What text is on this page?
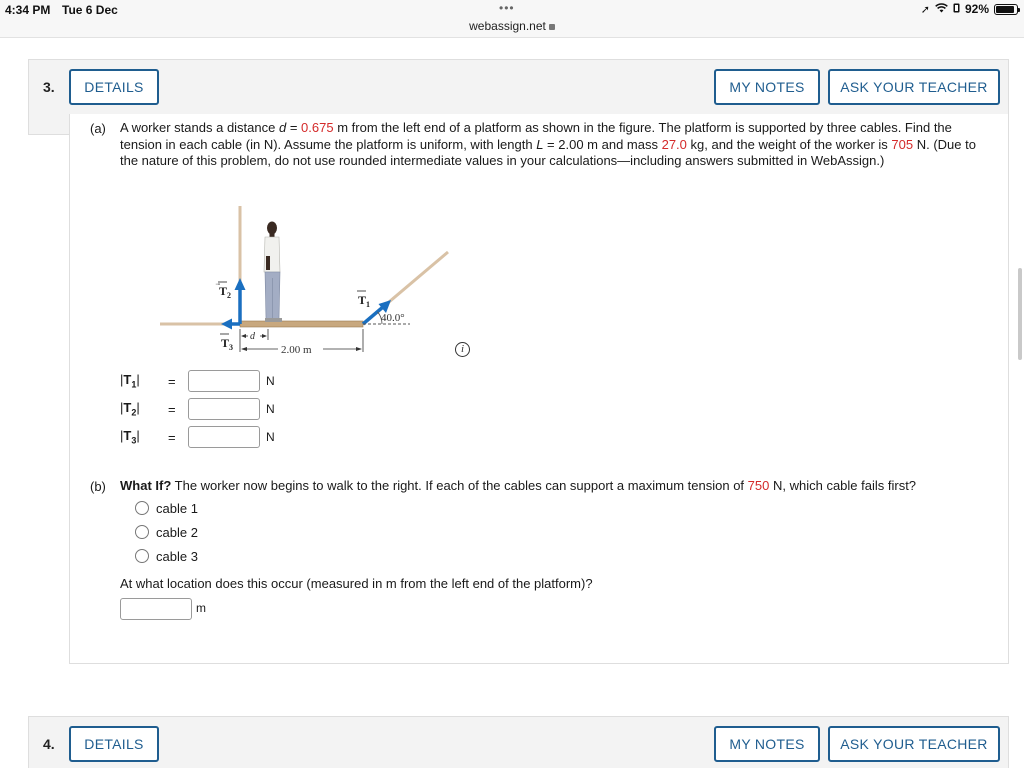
4:34 PM Tue 6 Dec	•••
webassign.net
➚	92%
3.	DETAILS	MY NOTES	ASK YOUR TEACHER
(a) A worker stands a distance d = 0.675 m from the left end of a platform as shown in the figure. The platform is supported by three cables. Find the tension in each cable (in N). Assume the platform is uniform, with length L = 2.00 m and mass 27.0 kg, and the weight of the worker is 705 N. (Due to the nature of this problem, do not use rounded intermediate values in your calculations—including answers submitted in WebAssign.)
$T_2$	$T_1$
$T_3$
40.0°
d
2.00 m	i
$|T_1|$	=	N
$|T_2|$	=	N
$|T_3|$	=	N
(b) What If? The worker now begins to walk to the right. If each of the cables can support a maximum tension of 750 N, which cable fails first?
cable 1
cable 2
cable 3
At what location does this occur (measured in m from the left end of the platform)?
m
4.	DETAILS	MY NOTES	ASK YOUR TEACHER
